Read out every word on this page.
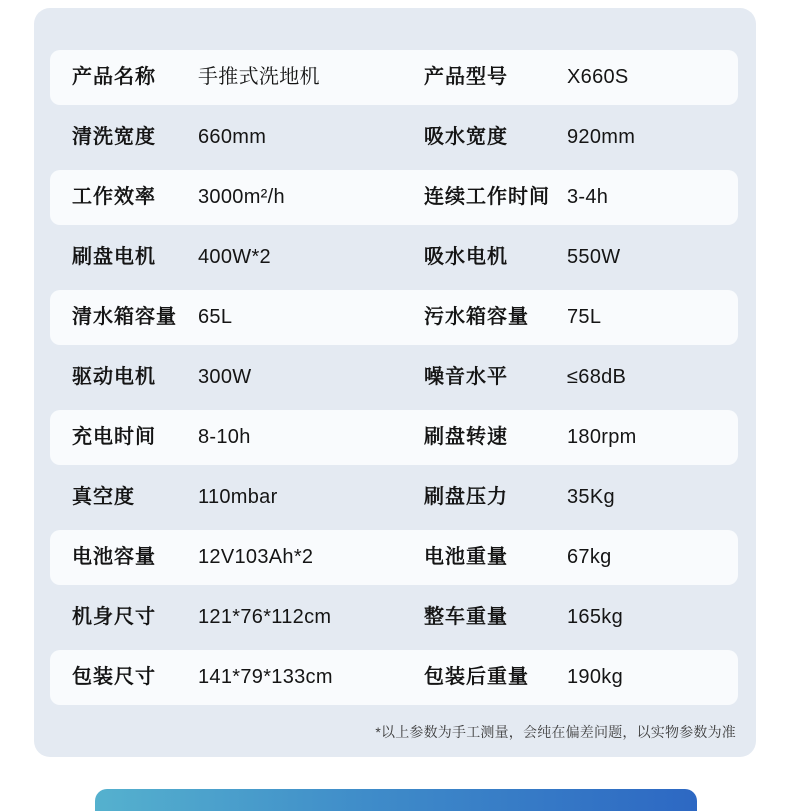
产品名称 手推式洗地机	产品型号	X660S
清洗宽度 660mm	吸水宽度	920mm
工作效率 3000m²/h	连续工作时间 3-4h
刷盘电机 400W*2	吸水电机	550W
清水箱容量 65L	污水箱容量 75L
驱动电机 300W	噪音水平	≤68dB
充电时间 8-10h	刷盘转速	180rpm
真空度	110mbar	刷盘压力	35Kg
电池容量 12V103Ah*2	电池重量	67kg
机身尺寸 121*76*112cm	整车重量	165kg
包装尺寸 141*79*133cm	包装后重量 190kg
*以上参数为手工测量，会纯在偏差问题，以实物参数为准
